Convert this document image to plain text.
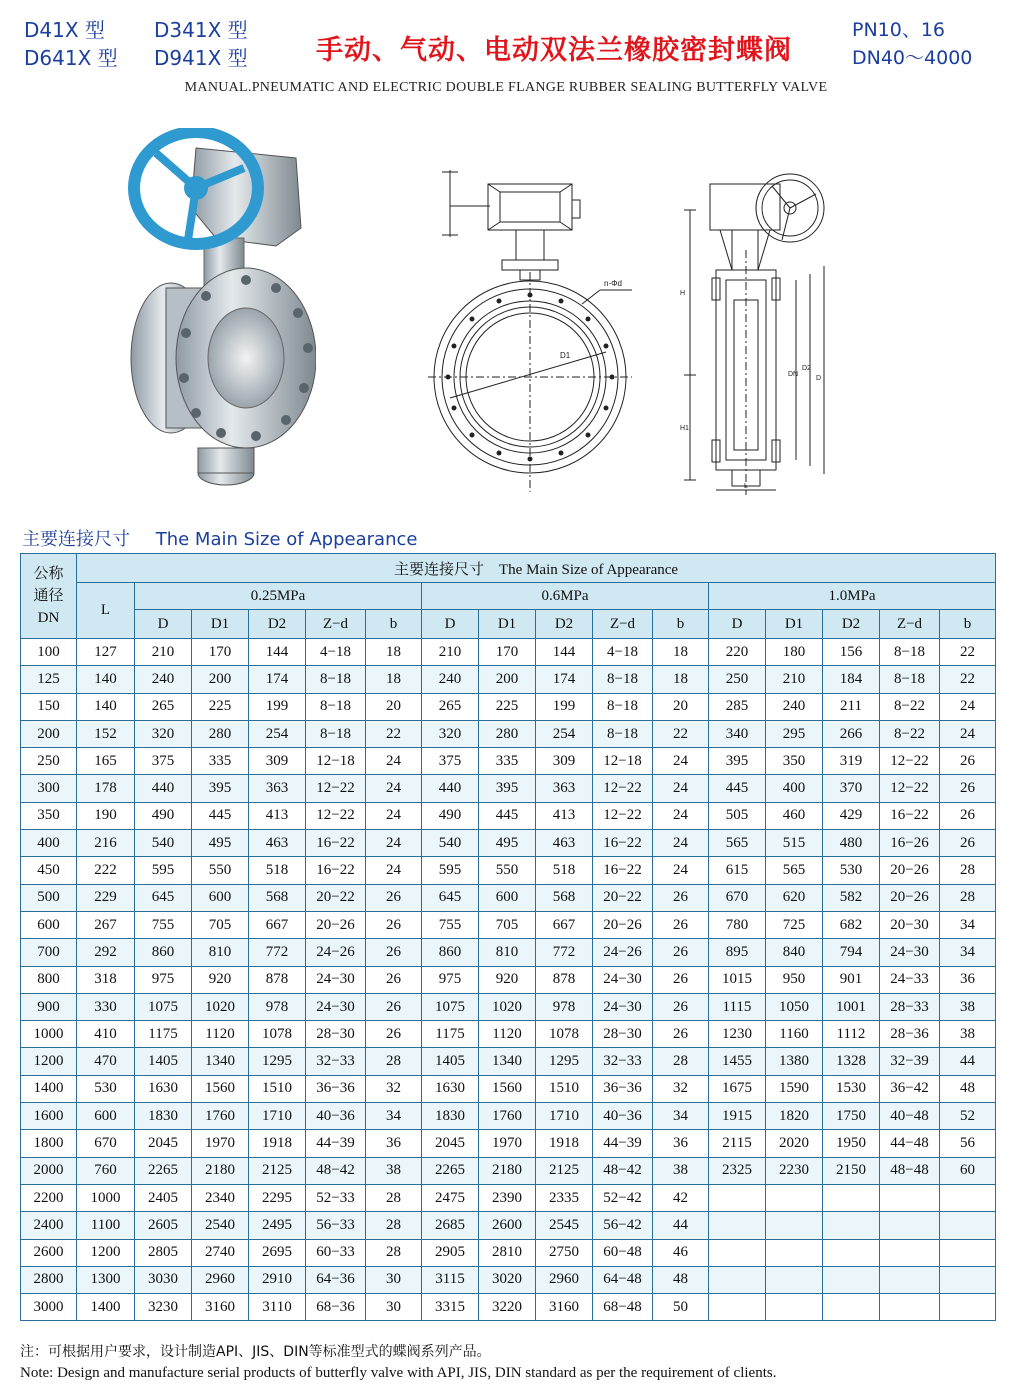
D41X 型	D341X 型
D641X 型	D941X 型	手动、气动、电动双法兰橡胶密封蝶阀
PN10、16
DN40～4000
MANUAL.PNEUMATIC AND ELECTRIC DOUBLE FLANGE RUBBER SEALING BUTTERFLY VALVE
n-Φd
D1
H
H1
DN
D2
D
L
主要连接尺寸 The Main Size of Appearance
公称
通径
DN	主要连接尺寸　The Main Size of Appearance															
	L	0.25MPa					0.6MPa					1.0MPa				
		D	D1	D2	Z−d	b	D	D1	D2	Z−d	b	D	D1	D2	Z−d	b
100	127	210	170	144	4−18	18	210	170	144	4−18	18	220	180	156	8−18	22
125	140	240	200	174	8−18	18	240	200	174	8−18	18	250	210	184	8−18	22
150	140	265	225	199	8−18	20	265	225	199	8−18	20	285	240	211	8−22	24
200	152	320	280	254	8−18	22	320	280	254	8−18	22	340	295	266	8−22	24
250	165	375	335	309	12−18	24	375	335	309	12−18	24	395	350	319	12−22	26
300	178	440	395	363	12−22	24	440	395	363	12−22	24	445	400	370	12−22	26
350	190	490	445	413	12−22	24	490	445	413	12−22	24	505	460	429	16−22	26
400	216	540	495	463	16−22	24	540	495	463	16−22	24	565	515	480	16−26	26
450	222	595	550	518	16−22	24	595	550	518	16−22	24	615	565	530	20−26	28
500	229	645	600	568	20−22	26	645	600	568	20−22	26	670	620	582	20−26	28
600	267	755	705	667	20−26	26	755	705	667	20−26	26	780	725	682	20−30	34
700	292	860	810	772	24−26	26	860	810	772	24−26	26	895	840	794	24−30	34
800	318	975	920	878	24−30	26	975	920	878	24−30	26	1015	950	901	24−33	36
900	330	1075	1020	978	24−30	26	1075	1020	978	24−30	26	1115	1050	1001	28−33	38
1000	410	1175	1120	1078	28−30	26	1175	1120	1078	28−30	26	1230	1160	1112	28−36	38
1200	470	1405	1340	1295	32−33	28	1405	1340	1295	32−33	28	1455	1380	1328	32−39	44
1400	530	1630	1560	1510	36−36	32	1630	1560	1510	36−36	32	1675	1590	1530	36−42	48
1600	600	1830	1760	1710	40−36	34	1830	1760	1710	40−36	34	1915	1820	1750	40−48	52
1800	670	2045	1970	1918	44−39	36	2045	1970	1918	44−39	36	2115	2020	1950	44−48	56
2000	760	2265	2180	2125	48−42	38	2265	2180	2125	48−42	38	2325	2230	2150	48−48	60
2200	1000	2405	2340	2295	52−33	28	2475	2390	2335	52−42	42					
2400	1100	2605	2540	2495	56−33	28	2685	2600	2545	56−42	44					
2600	1200	2805	2740	2695	60−33	28	2905	2810	2750	60−48	46					
2800	1300	3030	2960	2910	64−36	30	3115	3020	2960	64−48	48					
3000	1400	3230	3160	3110	68−36	30	3315	3220	3160	68−48	50					
注：可根据用户要求，设计制造API、JIS、DIN等标准型式的蝶阀系列产品。
Note: Design and manufacture serial products of butterfly valve with API, JIS, DIN standard as per the requirement of clients.
